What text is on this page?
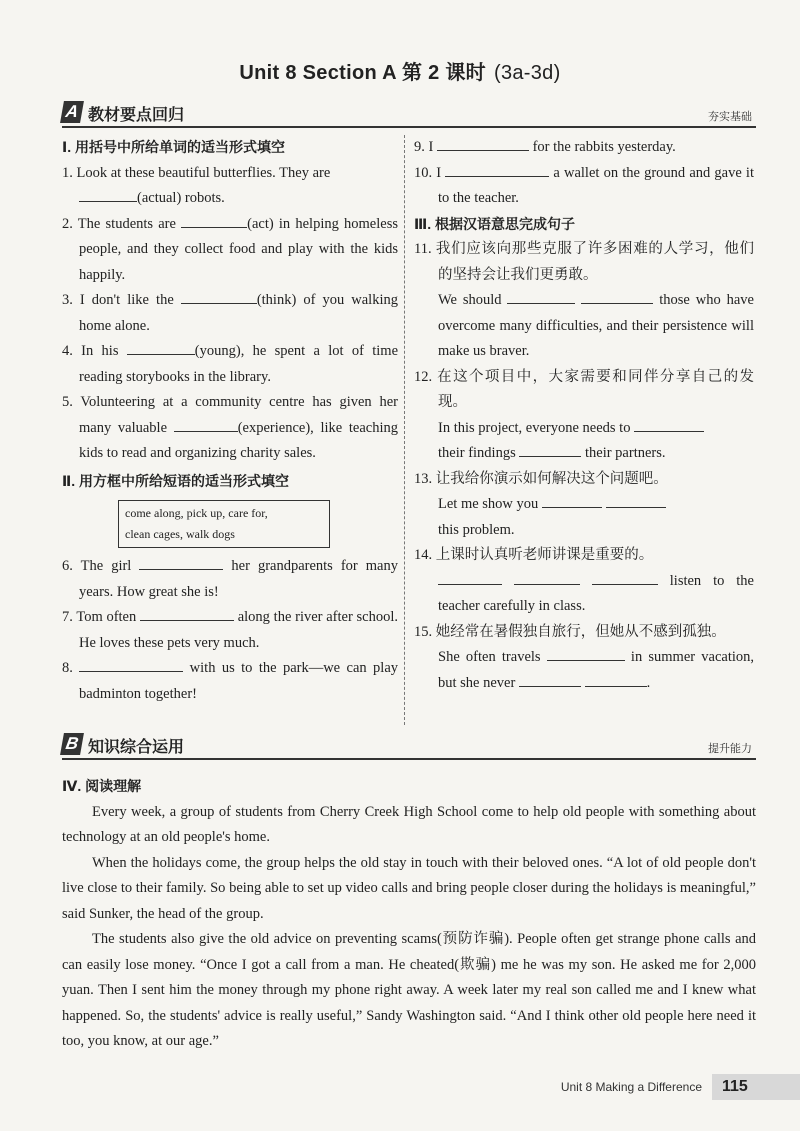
Unit 8 Section A 第 2 课时 (3a-3d)
A 教材要点回归	夯实基础

Ⅰ. 用括号中所给单词的适当形式填空

1. Look at these beautiful butterflies. They are
(actual) robots.

2. The students are	(act) in helping homeless people, and they collect food and play with the kids happily.

3. I don't like the	(think) of you walking home alone.

4. In his	(young), he spent a lot of time reading storybooks in the library.

5. Volunteering at a community centre has given her many valuable	(experience), like teaching kids to read and organizing charity sales.

Ⅱ. 用方框中所给短语的适当形式填空

come along, pick up, care for,
clean cages, walk dogs

6. The girl	her grandparents for many years. How great she is!

7. Tom often	along the river after school. He loves these pets very much.

8.	with us to the park—we can play badminton together!

9. I	for the rabbits yesterday.

10. I	a wallet on the ground and gave it to the teacher.

Ⅲ. 根据汉语意思完成句子

11. 我们应该向那些克服了许多困难的人学习，他们的坚持会让我们更勇敢。
We should	those who have overcome many difficulties, and their persistence will make us braver.

12. 在这个项目中，大家需要和同伴分享自己的发现。
In this project, everyone needs to
their findings	their partners.

13. 让我给你演示如何解决这个问题吧。
Let me show you
this problem.

14. 上课时认真听老师讲课是重要的。
listen to the teacher carefully in class.

15. 她经常在暑假独自旅行，但她从不感到孤独。
She often travels	in summer vacation, but she never	.

B 知识综合运用	提升能力

Ⅳ. 阅读理解

Every week, a group of students from Cherry Creek High School come to help old people with something about technology at an old people's home.

When the holidays come, the group helps the old stay in touch with their beloved ones. “A lot of old people don't live close to their family. So being able to set up video calls and bring people closer during the holidays is meaningful,” said Sunker, the head of the group.

The students also give the old advice on preventing scams(预防诈骗). People often get strange phone calls and can easily lose money. “Once I got a call from a man. He cheated(欺骗) me he was my son. He asked me for 2,000 yuan. Then I sent him the money through my phone right away. A week later my real son called me and I knew what happened. So, the students' advice is really useful,” Sandy Washington said. “And I think other old people here need it too, you know, at our age.”

Unit 8 Making a Difference	115
